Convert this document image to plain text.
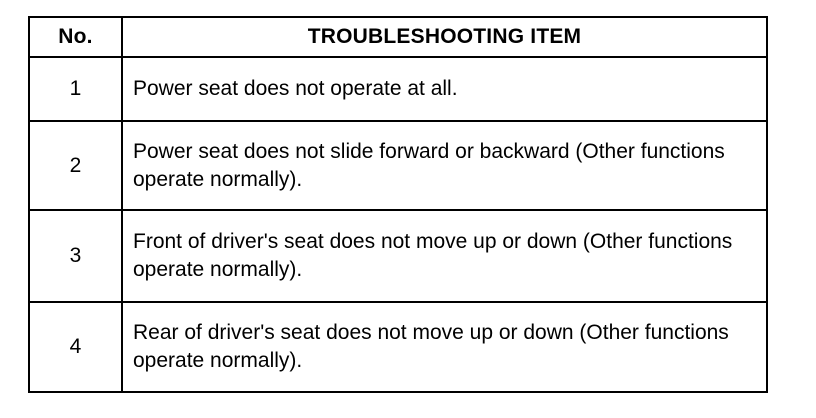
No.	TROUBLESHOOTING ITEM
1	Power seat does not operate at all.
2	Power seat does not slide forward or backward (Other functions operate normally).
3	Front of driver's seat does not move up or down (Other functions operate normally).
4	Rear of driver's seat does not move up or down (Other functions operate normally).
